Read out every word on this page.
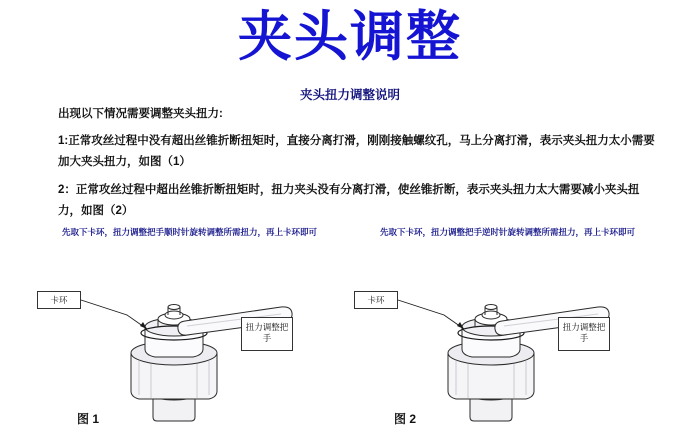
夹头调整
夹头扭力调整说明
出现以下情况需要调整夹头扭力:
1:正常攻丝过程中没有超出丝锥折断扭矩时，直接分离打滑，刚刚接触螺纹孔，马上分离打滑，表示夹头扭力太小需要加大夹头扭力，如图（1）
2：正常攻丝过程中超出丝锥折断扭矩时，扭力夹头没有分离打滑，使丝锥折断，表示夹头扭力太大需要减小夹头扭力，如图（2）
先取下卡环，扭力调整把手顺时针旋转调整所需扭力，再上卡环即可	先取下卡环，扭力调整把手逆时针旋转调整所需扭力，再上卡环即可
卡环
扭力调整把手
图 1
卡环
扭力调整把手
图 2
